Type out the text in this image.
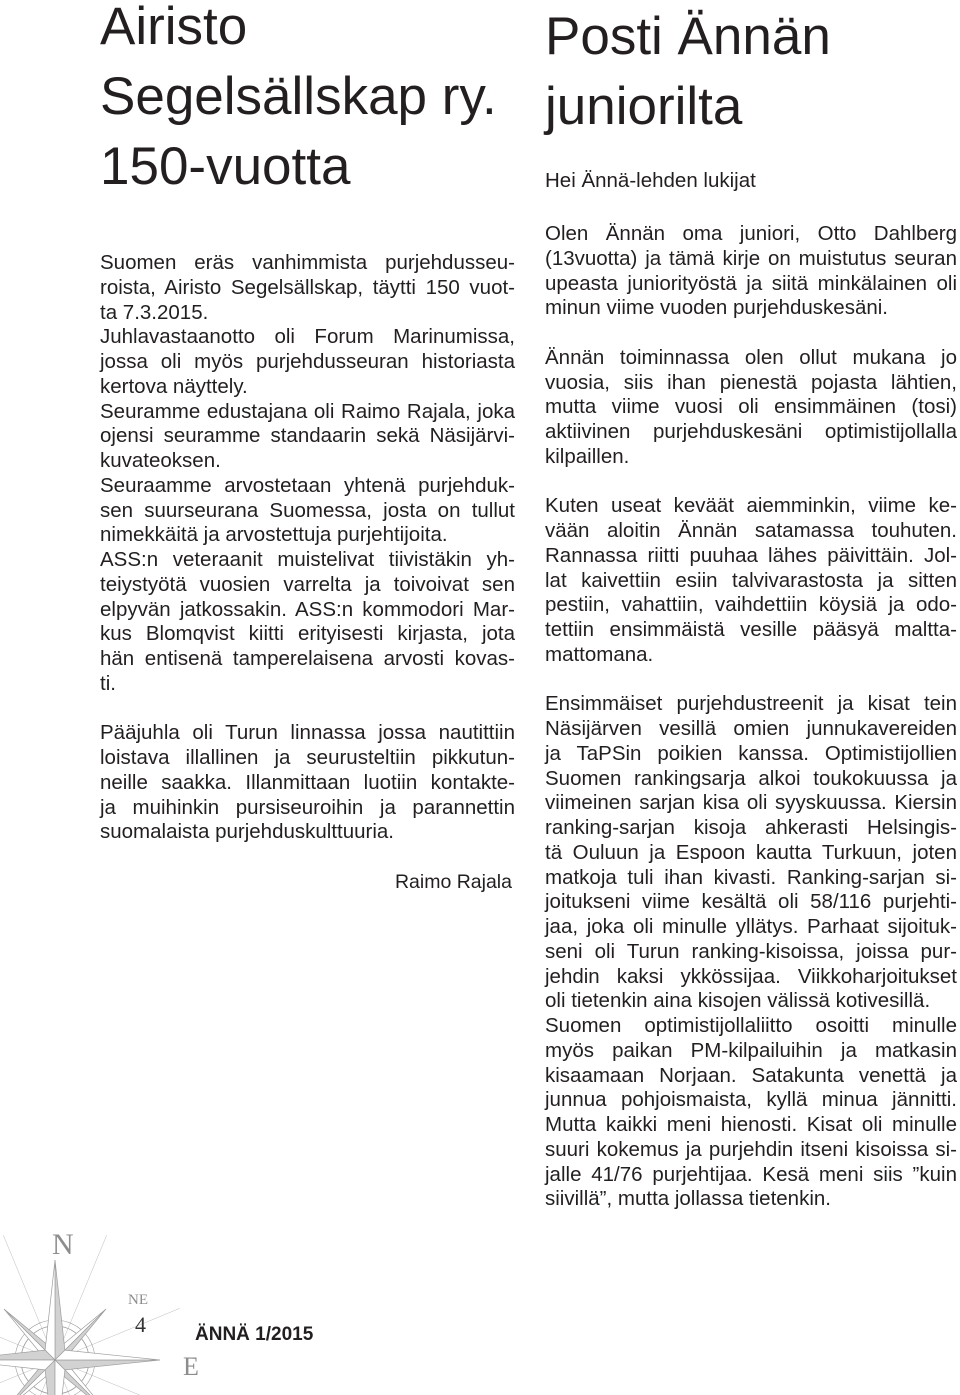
Airisto
Segelsällskap ry.
150-vuotta
Suomen eräs vanhimmista purjehdusseu-
roista, Airisto Segelsällskap, täytti 150 vuot-
ta 7.3.2015.
Juhlavastaanotto oli Forum Marinumissa,
jossa oli myös purjehdusseuran historiasta
kertova näyttely.
Seuramme edustajana oli Raimo Rajala, joka
ojensi seuramme standaarin sekä Näsijärvi-
kuvateoksen.
Seuraamme arvostetaan yhtenä purjehduk-
sen suurseurana Suomessa, josta on tullut
nimekkäitä ja arvostettuja purjehtijoita.
ASS:n veteraanit muistelivat tiivistäkin yh-
teiystyötä vuosien varrelta ja toivoivat sen
elpyvän jatkossakin. ASS:n kommodori Mar-
kus Blomqvist kiitti erityisesti kirjasta, jota
hän entisenä tamperelaisena arvosti kovas-
ti.
Pääjuhla oli Turun linnassa jossa nautittiin
loistava illallinen ja seurusteltiin pikkutun-
neille saakka. Illanmittaan luotiin kontakte-
ja muihinkin pursiseuroihin ja parannettin
suomalaista purjehduskulttuuria.
Raimo Rajala
Posti Ännän
juniorilta
Hei Ännä-lehden lukijat
Olen Ännän oma juniori, Otto Dahlberg
(13vuotta) ja tämä kirje on muistutus seuran
upeasta juniorityöstä ja siitä minkälainen oli
minun viime vuoden purjehduskesäni.
Ännän toiminnassa olen ollut mukana jo
vuosia, siis ihan pienestä pojasta lähtien,
mutta viime vuosi oli ensimmäinen (tosi)
aktiivinen purjehduskesäni optimistijollalla
kilpaillen.
Kuten useat keväät aiemminkin, viime ke-
vään aloitin Ännän satamassa touhuten.
Rannassa riitti puuhaa lähes päivittäin. Jol-
lat kaivettiin esiin talvivarastosta ja sitten
pestiin, vahattiin, vaihdettiin köysiä ja odo-
tettiin ensimmäistä vesille pääsyä maltta-
mattomana.
Ensimmäiset purjehdustreenit ja kisat tein
Näsijärven vesillä omien junnukavereiden
ja TaPSin poikien kanssa. Optimistijollien
Suomen rankingsarja alkoi toukokuussa ja
viimeinen sarjan kisa oli syyskuussa. Kiersin
ranking-sarjan kisoja ahkerasti Helsingis-
tä Ouluun ja Espoon kautta Turkuun, joten
matkoja tuli ihan kivasti. Ranking-sarjan si-
joitukseni viime kesältä oli 58/116 purjehti-
jaa, joka oli minulle yllätys. Parhaat sijoituk-
seni oli Turun ranking-kisoissa, joissa pur-
jehdin kaksi ykkössijaa. Viikkoharjoitukset
oli tietenkin aina kisojen välissä kotivesillä.
Suomen optimistijollaliitto osoitti minulle
myös paikan PM-kilpailuihin ja matkasin
kisaamaan Norjaan. Satakunta venettä ja
junnua pohjoismaista, kyllä minua jännitti.
Mutta kaikki meni hienosti. Kisat oli minulle
suuri kokemus ja purjehdin itseni kisoissa si-
jalle 41/76 purjehtijaa. Kesä meni siis ”kuin
siivillä”, mutta jollassa tietenkin.
N
NE
E
4	ÄNNÄ 1/2015
